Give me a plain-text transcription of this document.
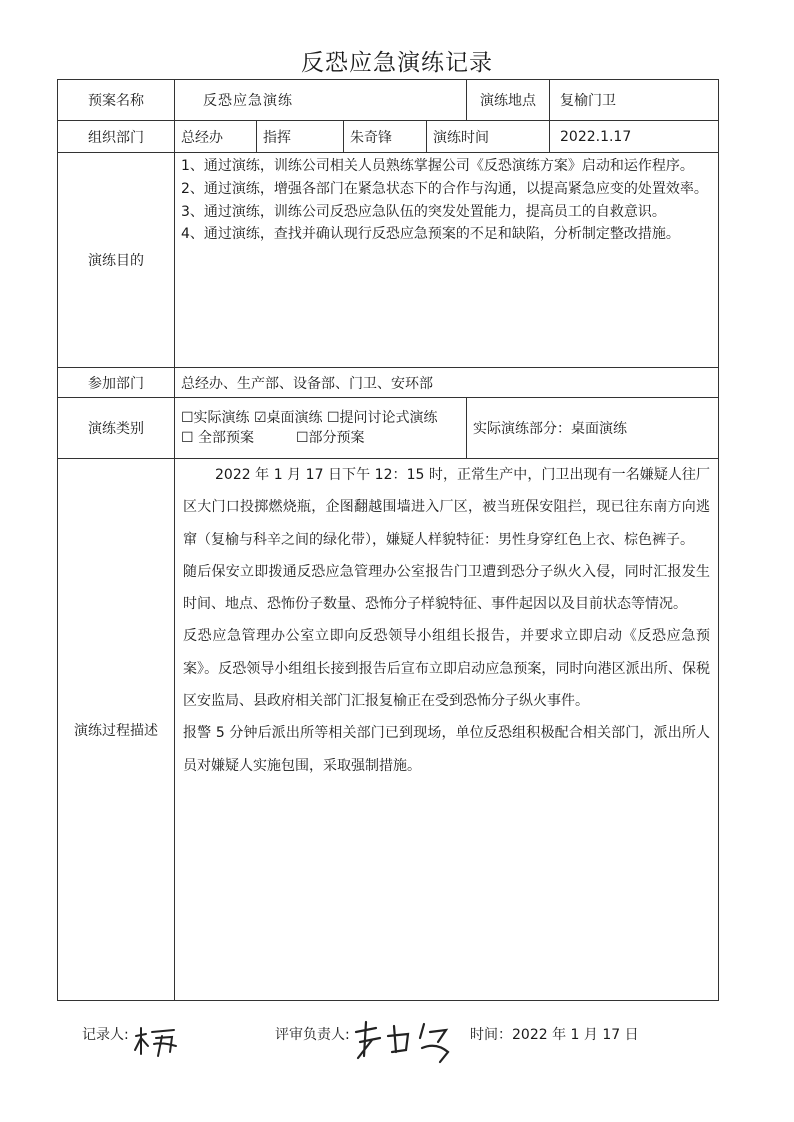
反恐应急演练记录
预案名称	反恐应急演练				演练地点	复榆门卫
组织部门	总经办	指挥	朱奇锋	演练时间		2022.1.17
演练目的	1、通过演练，训练公司相关人员熟练掌握公司《反恐演练方案》启动和运作程序。

2、通过演练，增强各部门在紧急状态下的合作与沟通，以提高紧急应变的处置效率。

3、通过演练，训练公司反恐应急队伍的突发处置能力，提高员工的自救意识。

4、通过演练，查找并确认现行反恐应急预案的不足和缺陷，分析制定整改措施。					

参加部门	总经办、生产部、设备部、门卫、安环部					
演练类别	☐实际演练 ☑桌面演练 ☐提问讨论式演练
☐ 全部预案　　　☐部分预案				实际演练部分：桌面演练	
演练过程描述	2022 年 1 月 17 日下午 12：15 时，正常生产中，门卫出现有一名嫌疑人往厂区大门口投掷燃烧瓶，企图翻越围墙进入厂区，被当班保安阻拦，现已往东南方向逃窜（复榆与科辛之间的绿化带），嫌疑人样貌特征：男性身穿红色上衣、棕色裤子。

随后保安立即拨通反恐应急管理办公室报告门卫遭到恐分子纵火入侵，同时汇报发生时间、地点、恐怖份子数量、恐怖分子样貌特征、事件起因以及目前状态等情况。

反恐应急管理办公室立即向反恐领导小组组长报告，并要求立即启动《反恐应急预案》。反恐领导小组组长接到报告后宣布立即启动应急预案，同时向港区派出所、保税区安监局、县政府相关部门汇报复榆正在受到恐怖分子纵火事件。

报警 5 分钟后派出所等相关部门已到现场，单位反恐组积极配合相关部门，派出所人员对嫌疑人实施包围，采取强制措施。					

记录人:	评审负责人:	时间：2022 年 1 月 17 日
